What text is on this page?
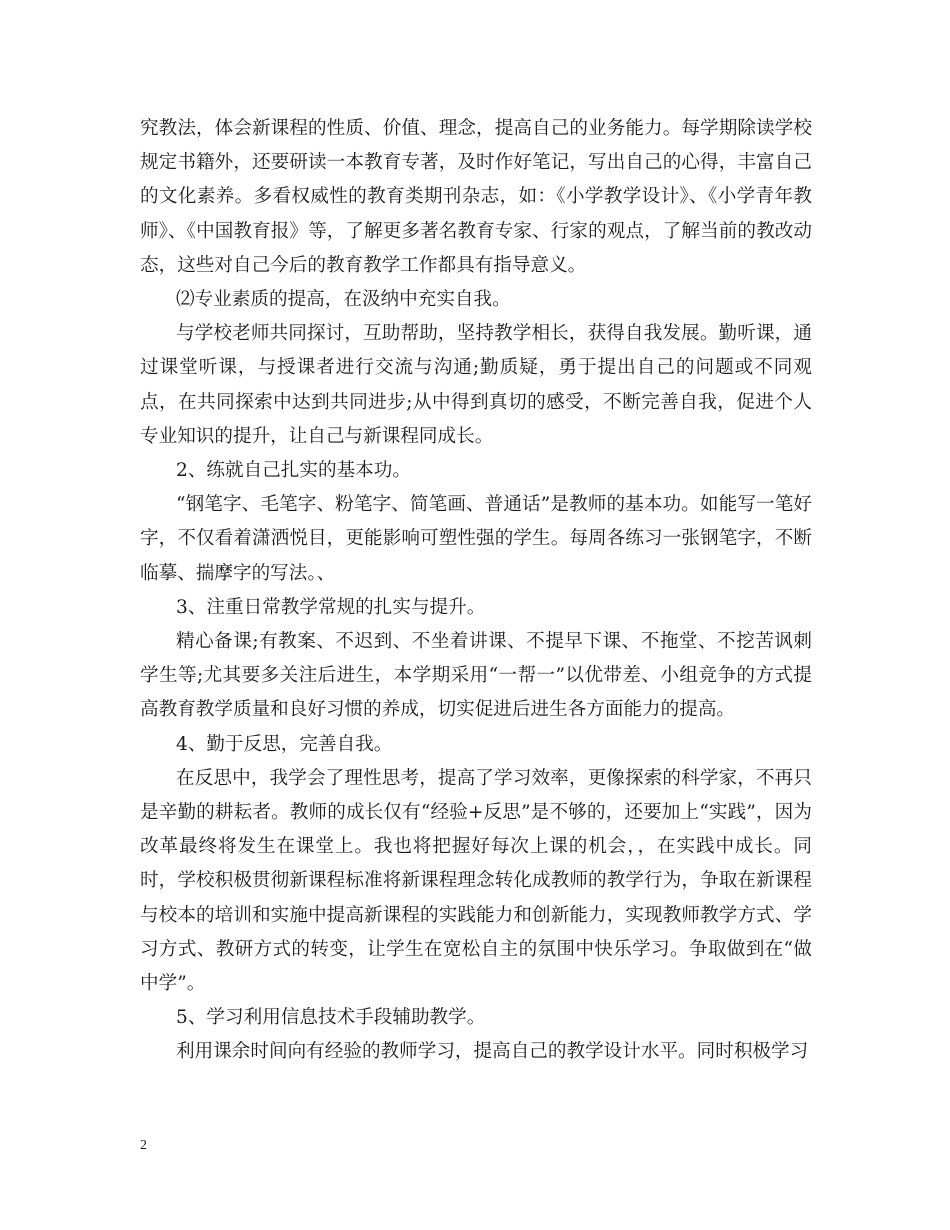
究教法，体会新课程的性质、价值、理念，提高自己的业务能力。每学期除读学校规定书籍外，还要研读一本教育专著，及时作好笔记，写出自己的心得，丰富自己的文化素养。多看权威性的教育类期刊杂志，如：《小学教学设计》、《小学青年教师》、《中国教育报》等，了解更多著名教育专家、行家的观点，了解当前的教改动态，这些对自己今后的教育教学工作都具有指导意义。

⑵专业素质的提高，在汲纳中充实自我。

与学校老师共同探讨，互助帮助，坚持教学相长，获得自我发展。勤听课，通过课堂听课，与授课者进行交流与沟通;勤质疑，勇于提出自己的问题或不同观点，在共同探索中达到共同进步;从中得到真切的感受，不断完善自我，促进个人专业知识的提升，让自己与新课程同成长。

2、练就自己扎实的基本功。

“钢笔字、毛笔字、粉笔字、简笔画、普通话”是教师的基本功。如能写一笔好字，不仅看着潇洒悦目，更能影响可塑性强的学生。每周各练习一张钢笔字，不断临摹、揣摩字的写法。、

3、注重日常教学常规的扎实与提升。

精心备课;有教案、不迟到、不坐着讲课、不提早下课、不拖堂、不挖苦讽刺学生等;尤其要多关注后进生，本学期采用“一帮一”以优带差、小组竞争的方式提高教育教学质量和良好习惯的养成，切实促进后进生各方面能力的提高。

4、勤于反思，完善自我。

在反思中，我学会了理性思考，提高了学习效率，更像探索的科学家，不再只是辛勤的耕耘者。教师的成长仅有“经验+反思”是不够的，还要加上“实践”，因为改革最终将发生在课堂上。我也将把握好每次上课的机会，，在实践中成长。同时，学校积极贯彻新课程标准将新课程理念转化成教师的教学行为，争取在新课程与校本的培训和实施中提高新课程的实践能力和创新能力，实现教师教学方式、学习方式、教研方式的转变，让学生在宽松自主的氛围中快乐学习。争取做到在“做中学”。

5、学习利用信息技术手段辅助教学。

利用课余时间向有经验的教师学习，提高自己的教学设计水平。同时积极学习

2
